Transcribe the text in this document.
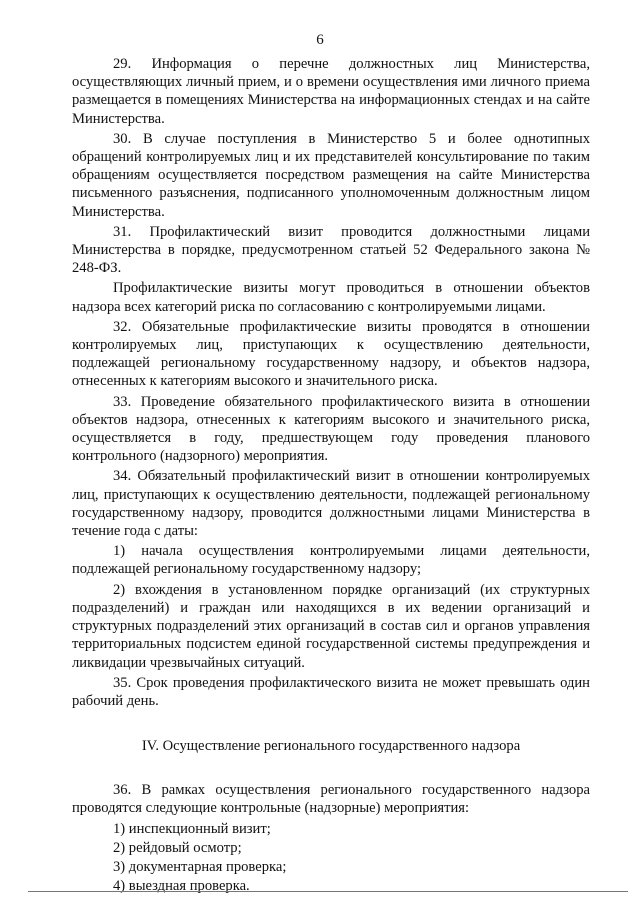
6

29. Информация о перечне должностных лиц Министерства, осуществляющих личный прием, и о времени осуществления ими личного приема размещается в помещениях Министерства на информационных стендах и на сайте Министерства.

30. В случае поступления в Министерство 5 и более однотипных обращений контролируемых лиц и их представителей консультирование по таким обращениям осуществляется посредством размещения на сайте Министерства письменного разъяснения, подписанного уполномоченным должностным лицом Министерства.

31. Профилактический визит проводится должностными лицами Министерства в порядке, предусмотренном статьей 52 Федерального закона № 248-ФЗ.

Профилактические визиты могут проводиться в отношении объектов надзора всех категорий риска по согласованию с контролируемыми лицами.

32. Обязательные профилактические визиты проводятся в отношении контролируемых лиц, приступающих к осуществлению деятельности, подлежащей региональному государственному надзору, и объектов надзора, отнесенных к категориям высокого и значительного риска.

33. Проведение обязательного профилактического визита в отношении объектов надзора, отнесенных к категориям высокого и значительного риска, осуществляется в году, предшествующем году проведения планового контрольного (надзорного) мероприятия.

34. Обязательный профилактический визит в отношении контролируемых лиц, приступающих к осуществлению деятельности, подлежащей региональному государственному надзору, проводится должностными лицами Министерства в течение года с даты:

1) начала осуществления контролируемыми лицами деятельности, подлежащей региональному государственному надзору;

2) вхождения в установленном порядке организаций (их структурных подразделений) и граждан или находящихся в их ведении организаций и структурных подразделений этих организаций в состав сил и органов управления территориальных подсистем единой государственной системы предупреждения и ликвидации чрезвычайных ситуаций.

35. Срок проведения профилактического визита не может превышать один рабочий день.

IV. Осуществление регионального государственного надзора

36. В рамках осуществления регионального государственного надзора проводятся следующие контрольные (надзорные) мероприятия:

1) инспекционный визит;

2) рейдовый осмотр;

3) документарная проверка;

4) выездная проверка.
